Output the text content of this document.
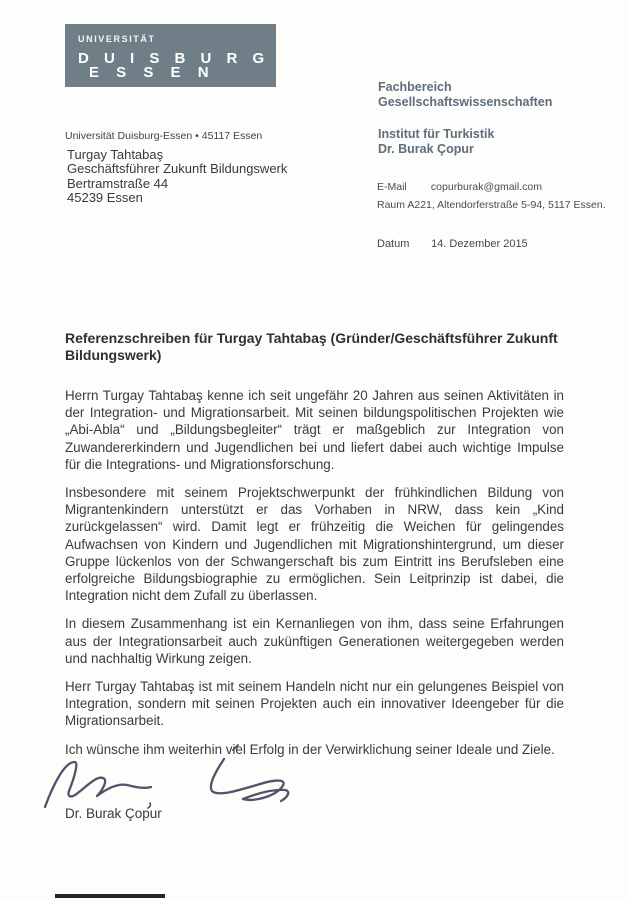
UNIVERSITÄT
D U I S B U R G
E S S E N
Fachbereich
Gesellschaftswissenschaften
Institut für Turkistik
Dr. Burak Çopur
Universität Duisburg-Essen • 45117 Essen
Turgay Tahtabaş
Geschäftsführer Zukunft Bildungswerk
Bertramstraße 44
45239 Essen
E-Mail copurburak@gmail.com
Raum A221, Altendorferstraße 5-94, 5117 Essen.
Datum 14. Dezember 2015
Referenzschreiben für Turgay Tahtabaş (Gründer/Geschäftsführer Zukunft Bildungswerk)

Herrn Turgay Tahtabaş kenne ich seit ungefähr 20 Jahren aus seinen Aktivitäten in der Integration- und Migrationsarbeit. Mit seinen bildungspolitischen Projekten wie „Abi-Abla“ und „Bildungsbegleiter“ trägt er maßgeblich zur Integration von Zuwandererkindern und Jugendlichen bei und liefert dabei auch wichtige Impulse für die Integrations- und Migrationsforschung.

Insbesondere mit seinem Projektschwerpunkt der frühkindlichen Bildung von Migrantenkindern unterstützt er das Vorhaben in NRW, dass kein „Kind zurückgelassen“ wird. Damit legt er frühzeitig die Weichen für gelingendes Aufwachsen von Kindern und Jugendlichen mit Migrationshintergrund, um dieser Gruppe lückenlos von der Schwangerschaft bis zum Eintritt ins Berufsleben eine erfolgreiche Bildungsbiographie zu ermöglichen. Sein Leitprinzip ist dabei, die Integration nicht dem Zufall zu überlassen.

In diesem Zusammenhang ist ein Kernanliegen von ihm, dass seine Erfahrungen aus der Integrationsarbeit auch zukünftigen Generationen weitergegeben werden und nachhaltig Wirkung zeigen.

Herr Turgay Tahtabaş ist mit seinem Handeln nicht nur ein gelungenes Beispiel von Integration, sondern mit seinen Projekten auch ein innovativer Ideengeber für die Migrationsarbeit.

Ich wünsche ihm weiterhin viel Erfolg in der Verwirklichung seiner Ideale und Ziele.

Dr. Burak Çopur
